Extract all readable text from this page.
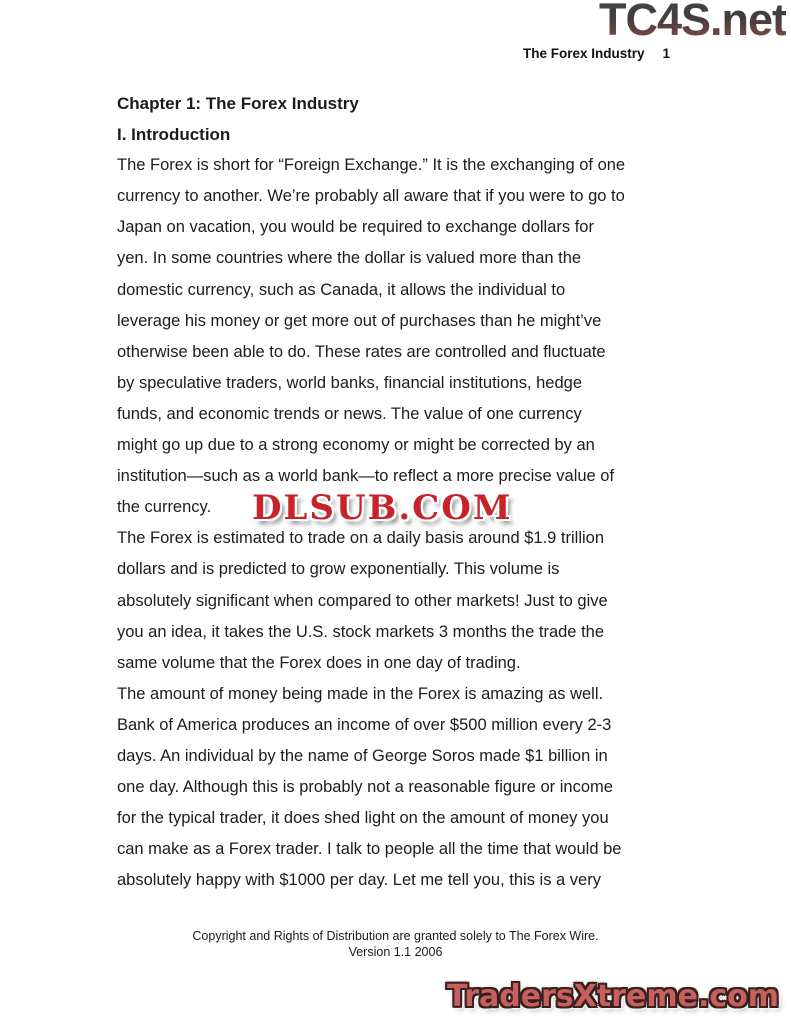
TC4S.net
The Forex Industry 1
Chapter 1: The Forex Industry
I. Introduction
The Forex is short for “Foreign Exchange.” It is the exchanging of one
currency to another. We’re probably all aware that if you were to go to
Japan on vacation, you would be required to exchange dollars for
yen. In some countries where the dollar is valued more than the
domestic currency, such as Canada, it allows the individual to
leverage his money or get more out of purchases than he might’ve
otherwise been able to do. These rates are controlled and fluctuate
by speculative traders, world banks, financial institutions, hedge
funds, and economic trends or news. The value of one currency
might go up due to a strong economy or might be corrected by an
institution—such as a world bank—to reflect a more precise value of
the currency.
The Forex is estimated to trade on a daily basis around $1.9 trillion
dollars and is predicted to grow exponentially. This volume is
absolutely significant when compared to other markets! Just to give
you an idea, it takes the U.S. stock markets 3 months the trade the
same volume that the Forex does in one day of trading.
The amount of money being made in the Forex is amazing as well.
Bank of America produces an income of over $500 million every 2-3
days. An individual by the name of George Soros made $1 billion in
one day. Although this is probably not a reasonable figure or income
for the typical trader, it does shed light on the amount of money you
can make as a Forex trader. I talk to people all the time that would be
absolutely happy with $1000 per day. Let me tell you, this is a very
DLSUB.COM
Copyright and Rights of Distribution are granted solely to The Forex Wire.
Version 1.1 2006
TradersXtreme.com
